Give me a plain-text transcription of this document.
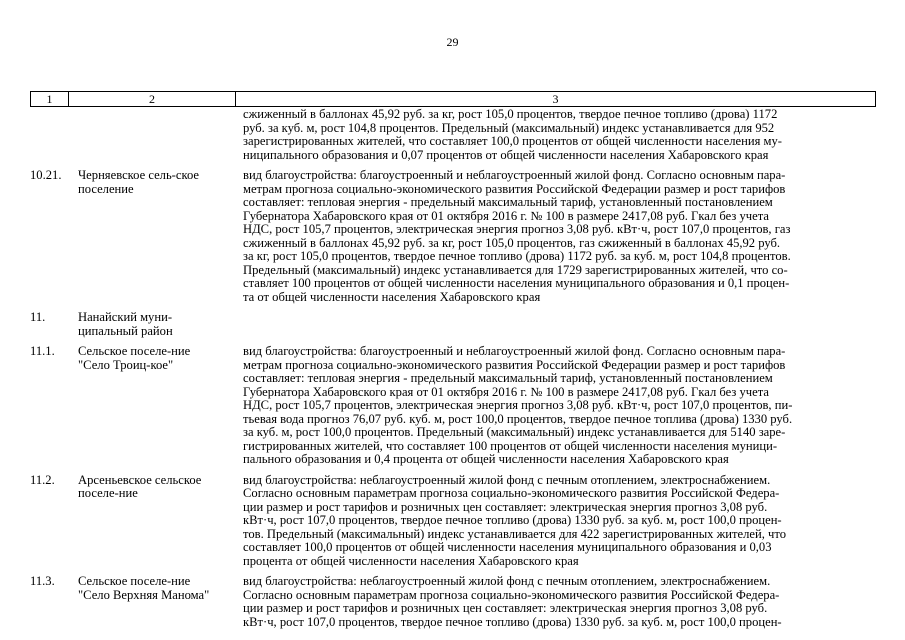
29
1	2	3
сжиженный в баллонах 45,92 руб. за кг, рост 105,0 процентов, твердое печное топливо (дрова) 1172
руб. за куб. м, рост 104,8 процентов. Предельный (максимальный) индекс устанавливается для 952
зарегистрированных жителей, что составляет 100,0 процентов от общей численности населения му-
ниципального образования и 0,07 процентов от общей численности населения Хабаровского края
10.21.	Черняевское сель-ское поселение
вид благоустройства: благоустроенный и неблагоустроенный жилой фонд. Согласно основным пара-
метрам прогноза социально-экономического развития Российской Федерации размер и рост тарифов
составляет: тепловая энергия - предельный максимальный тариф, установленный постановлением
Губернатора Хабаровского края от 01 октября 2016 г. № 100 в размере 2417,08 руб. Гкал без учета
НДС, рост 105,7 процентов, электрическая энергия прогноз 3,08 руб. кВт·ч, рост 107,0 процентов, газ
сжиженный в баллонах 45,92 руб. за кг, рост 105,0 процентов, газ сжиженный в баллонах 45,92 руб.
за кг, рост 105,0 процентов, твердое печное топливо (дрова) 1172 руб. за куб. м, рост 104,8 процентов.
Предельный (максимальный) индекс устанавливается для 1729 зарегистрированных жителей, что со-
ставляет 100 процентов от общей численности населения муниципального образования и 0,1 процен-
та от общей численности населения Хабаровского края
11.	Нанайский муни-ципальный район
11.1.	Сельское поселе-ние "Село Троиц-кое"
вид благоустройства: благоустроенный и неблагоустроенный жилой фонд. Согласно основным пара-
метрам прогноза социально-экономического развития Российской Федерации размер и рост тарифов
составляет: тепловая энергия - предельный максимальный тариф, установленный постановлением
Губернатора Хабаровского края от 01 октября 2016 г. № 100 в размере 2417,08 руб. Гкал без учета
НДС, рост 105,7 процентов, электрическая энергия прогноз 3,08 руб. кВт·ч, рост 107,0 процентов, пи-
тьевая вода прогноз 76,07 руб. куб. м, рост 100,0 процентов, твердое печное топлива (дрова) 1330 руб.
за куб. м, рост 100,0 процентов. Предельный (максимальный) индекс устанавливается для 5140 заре-
гистрированных жителей, что составляет 100 процентов от общей численности населения муници-
пального образования и 0,4 процента от общей численности населения Хабаровского края
11.2.	Арсеньевское сельское поселе-ние
вид благоустройства: неблагоустроенный жилой фонд с печным отоплением, электроснабжением.
Согласно основным параметрам прогноза социально-экономического развития Российской Федера-
ции размер и рост тарифов и розничных цен составляет: электрическая энергия прогноз 3,08 руб.
кВт·ч, рост 107,0 процентов, твердое печное топливо (дрова) 1330 руб. за куб. м, рост 100,0 процен-
тов. Предельный (максимальный) индекс устанавливается для 422 зарегистрированных жителей, что
составляет 100,0 процентов от общей численности населения муниципального образования и 0,03
процента от общей численности населения Хабаровского края
11.3.	Сельское поселе-ние "Село Верхняя Манома"
вид благоустройства: неблагоустроенный жилой фонд с печным отоплением, электроснабжением.
Согласно основным параметрам прогноза социально-экономического развития Российской Федера-
ции размер и рост тарифов и розничных цен составляет: электрическая энергия прогноз 3,08 руб.
кВт·ч, рост 107,0 процентов, твердое печное топливо (дрова) 1330 руб. за куб. м, рост 100,0 процен-
